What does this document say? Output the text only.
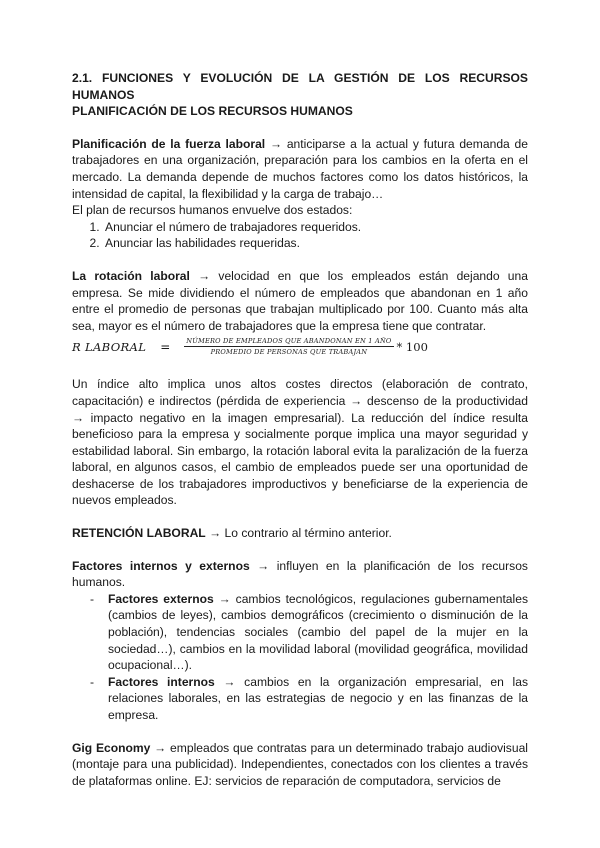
2.1. FUNCIONES Y EVOLUCIÓN DE LA GESTIÓN DE LOS RECURSOS HUMANOS
PLANIFICACIÓN DE LOS RECURSOS HUMANOS

Planificación de la fuerza laboral → anticiparse a la actual y futura demanda de trabajadores en una organización, preparación para los cambios en la oferta en el mercado. La demanda depende de muchos factores como los datos históricos, la intensidad de capital, la flexibilidad y la carga de trabajo…

El plan de recursos humanos envuelve dos estados:

1. Anunciar el número de trabajadores requeridos.
2. Anunciar las habilidades requeridas.

La rotación laboral → velocidad en que los empleados están dejando una empresa. Se mide dividiendo el número de empleados que abandonan en 1 año entre el promedio de personas que trabajan multiplicado por 100. Cuanto más alta sea, mayor es el número de trabajadores que la empresa tiene que contratar.

R LABORAL = $\frac{\text{NÚMERO DE EMPLEADOS QUE ABANDONAN EN 1 AÑO}}{\text{PROMEDIO DE PERSONAS QUE TRABAJAN}} * 100$

Un índice alto implica unos altos costes directos (elaboración de contrato, capacitación) e indirectos (pérdida de experiencia → descenso de la productividad → impacto negativo en la imagen empresarial). La reducción del índice resulta beneficioso para la empresa y socialmente porque implica una mayor seguridad y estabilidad laboral. Sin embargo, la rotación laboral evita la paralización de la fuerza laboral, en algunos casos, el cambio de empleados puede ser una oportunidad de deshacerse de los trabajadores improductivos y beneficiarse de la experiencia de nuevos empleados.

RETENCIÓN LABORAL → Lo contrario al término anterior.

Factores internos y externos → influyen en la planificación de los recursos humanos.

- Factores externos → cambios tecnológicos, regulaciones gubernamentales (cambios de leyes), cambios demográficos (crecimiento o disminución de la población), tendencias sociales (cambio del papel de la mujer en la sociedad…), cambios en la movilidad laboral (movilidad geográfica, movilidad ocupacional…).
- Factores internos → cambios en la organización empresarial, en las relaciones laborales, en las estrategias de negocio y en las finanzas de la empresa.

Gig Economy → empleados que contratas para un determinado trabajo audiovisual (montaje para una publicidad). Independientes, conectados con los clientes a través de plataformas online. EJ: servicios de reparación de computadora, servicios de
